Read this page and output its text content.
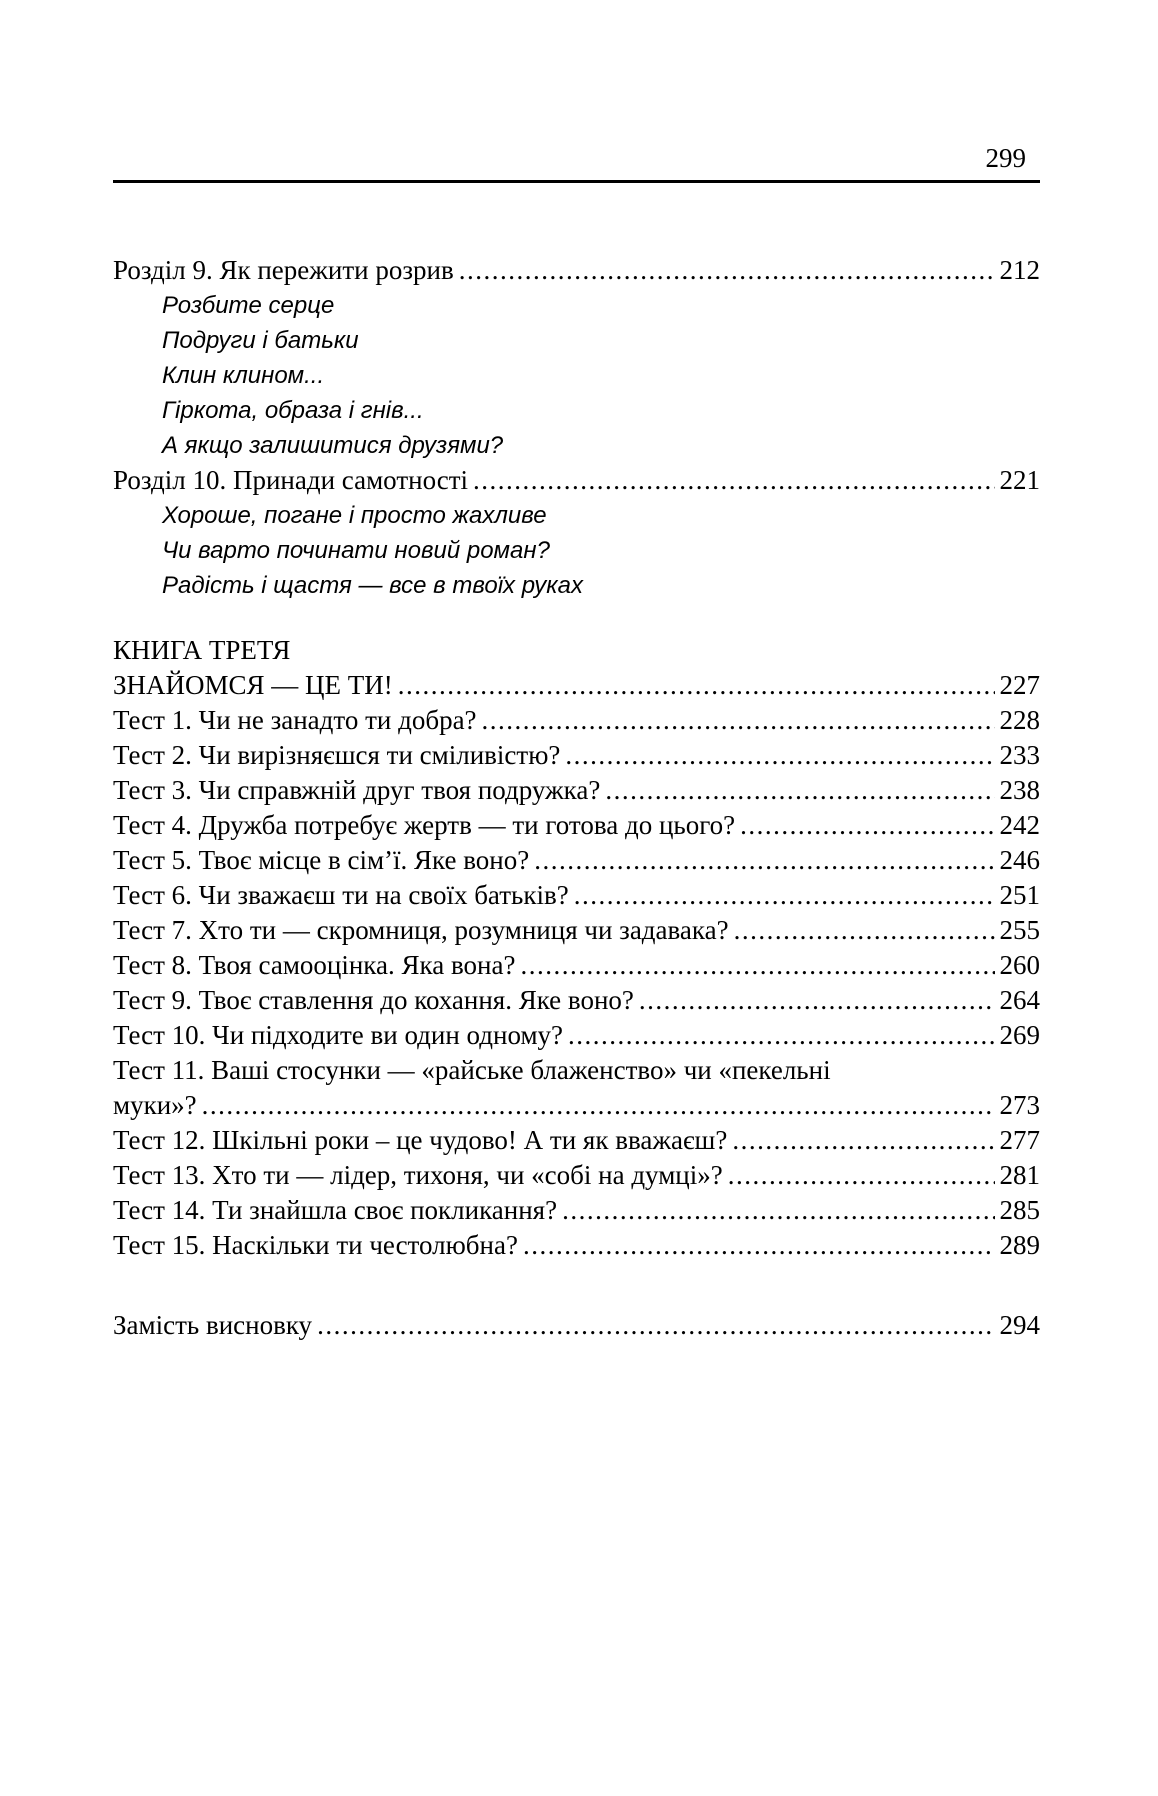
299
Розділ 9. Як пережити розрив .....	212
Розбите серце
Подруги і батьки
Клин клином...
Гіркота, образа і гнів...
А якщо залишитися друзями?
Розділ 10. Принади самотності .....	221
Хороше, погане і просто жахливе
Чи варто починати новий роман?
Радість і щастя — все в твоїх руках
КНИГА ТРЕТЯ
ЗНАЙОМСЯ — ЦЕ ТИ! .....	227
Тест 1. Чи не занадто ти добра? .....	228
Тест 2. Чи вирізняєшся ти сміливістю? .....	233
Тест 3. Чи справжній друг твоя подружка? .....	238
Тест 4. Дружба потребує жертв — ти готова до цього? .....	242
Тест 5. Твоє місце в сім’ї. Яке воно? .....	246
Тест 6. Чи зважаєш ти на своїх батьків? .....	251
Тест 7. Хто ти — скромниця, розумниця чи задавака? .....	255
Тест 8. Твоя самооцінка. Яка вона? .....	260
Тест 9. Твоє ставлення до кохання. Яке воно? .....	264
Тест 10. Чи підходите ви один одному? .....	269
Тест 11. Ваші стосунки — «райське блаженство» чи «пекельні
муки»? .....	273
Тест 12. Шкільні роки – це чудово! А ти як вважаєш? .....	277
Тест 13. Хто ти — лідер, тихоня, чи «собі на думці»? .....	281
Тест 14. Ти знайшла своє покликання? .....	285
Тест 15. Наскільки ти честолюбна? .....	289
Замість висновку .....	294
